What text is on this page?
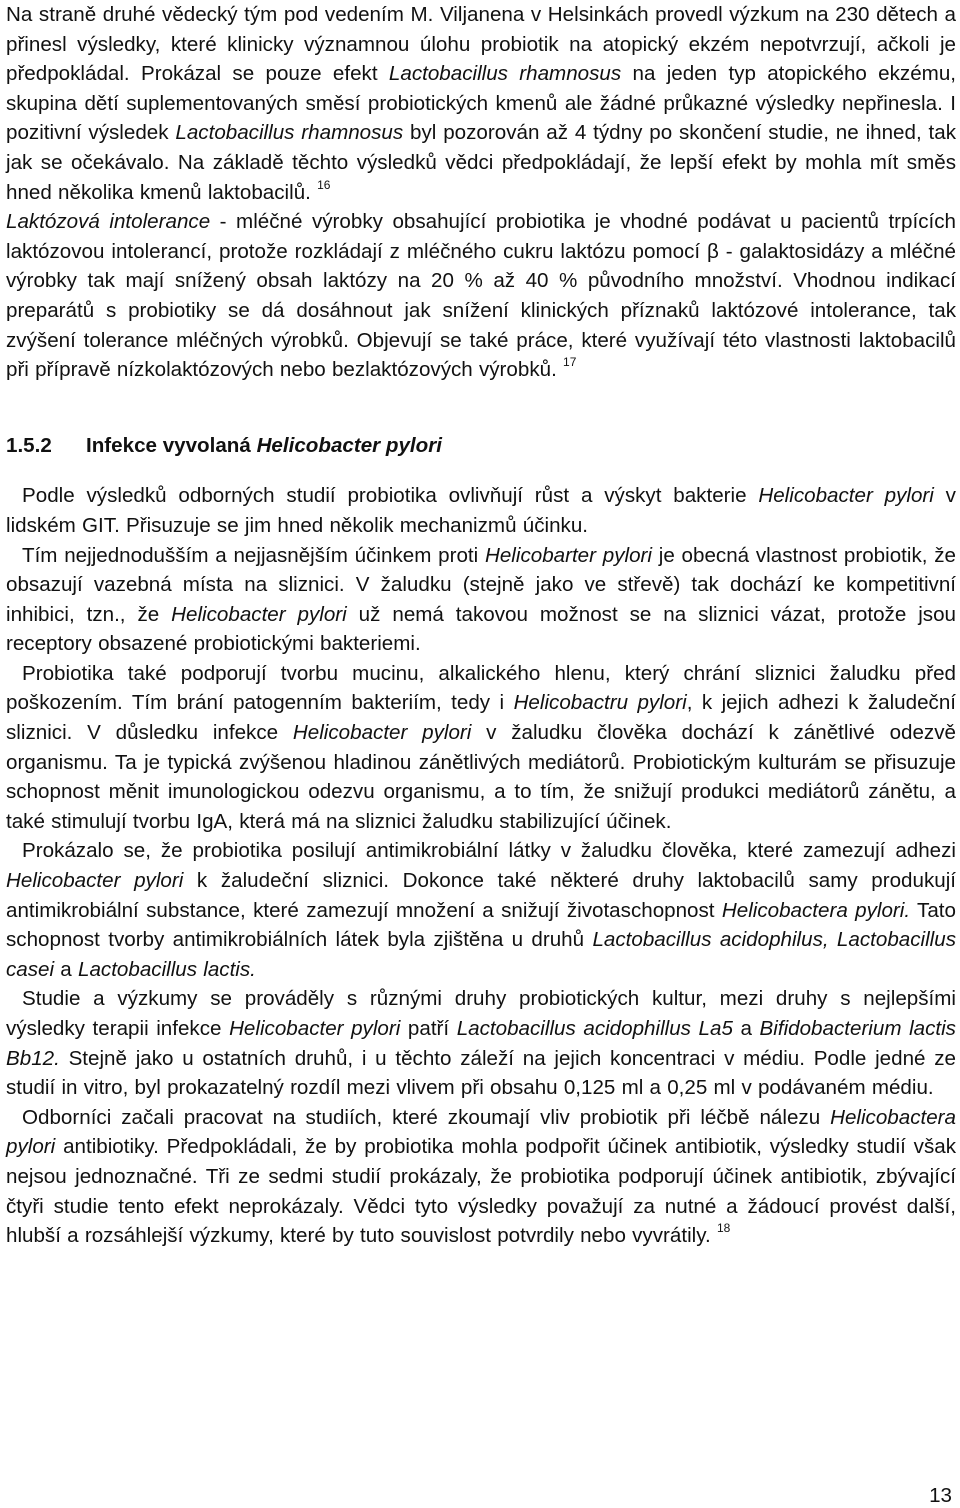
Na straně druhé vědecký tým pod vedením M. Viljanena v Helsinkách provedl výzkum na 230 dětech a přinesl výsledky, které klinicky významnou úlohu probiotik na atopický ekzém nepotvrzují, ačkoli je předpokládal. Prokázal se pouze efekt Lactobacillus rhamnosus na jeden typ atopického ekzému, skupina dětí suplementovaných směsí probiotických kmenů ale žádné průkazné výsledky nepřinesla. I pozitivní výsledek Lactobacillus rhamnosus byl pozorován až 4 týdny po skončení studie, ne ihned, tak jak se očekávalo. Na základě těchto výsledků vědci předpokládají, že lepší efekt by mohla mít směs hned několika kmenů laktobacilů. $^{16}$

Laktózová intolerance - mléčné výrobky obsahující probiotika je vhodné podávat u pacientů trpících laktózovou intolerancí, protože rozkládají z mléčného cukru laktózu pomocí β - galaktosidázy a mléčné výrobky tak mají snížený obsah laktózy na 20 % až 40 % původního množství. Vhodnou indikací preparátů s probiotiky se dá dosáhnout jak snížení klinických příznaků laktózové intolerance, tak zvýšení tolerance mléčných výrobků. Objevují se také práce, které využívají této vlastnosti laktobacilů při přípravě nízkolaktózových nebo bezlaktózových výrobků. $^{17}$

1.5.2	Infekce vyvolaná Helicobacter pylori

Podle výsledků odborných studií probiotika ovlivňují růst a výskyt bakterie Helicobacter pylori v lidském GIT. Přisuzuje se jim hned několik mechanizmů účinku.

Tím nejjednodušším a nejjasnějším účinkem proti Helicobarter pylori je obecná vlastnost probiotik, že obsazují vazebná místa na sliznici. V žaludku (stejně jako ve střevě) tak dochází ke kompetitivní inhibici, tzn., že Helicobacter pylori už nemá takovou možnost se na sliznici vázat, protože jsou receptory obsazené probiotickými bakteriemi.

Probiotika také podporují tvorbu mucinu, alkalického hlenu, který chrání sliznici žaludku před poškozením. Tím brání patogenním bakteriím, tedy i Helicobactru pylori, k jejich adhezi k žaludeční sliznici. V důsledku infekce Helicobacter pylori v žaludku člověka dochází k zánětlivé odezvě organismu. Ta je typická zvýšenou hladinou zánětlivých mediátorů. Probiotickým kulturám se přisuzuje schopnost měnit imunologickou odezvu organismu, a to tím, že snižují produkci mediátorů zánětu, a také stimulují tvorbu IgA, která má na sliznici žaludku stabilizující účinek.

Prokázalo se, že probiotika posilují antimikrobiální látky v žaludku člověka, které zamezují adhezi Helicobacter pylori k žaludeční sliznici. Dokonce také některé druhy laktobacilů samy produkují antimikrobiální substance, které zamezují množení a snižují životaschopnost Helicobactera pylori. Tato schopnost tvorby antimikrobiálních látek byla zjištěna u druhů Lactobacillus acidophilus, Lactobacillus casei a Lactobacillus lactis.

Studie a výzkumy se prováděly s různými druhy probiotických kultur, mezi druhy s nejlepšími výsledky terapii infekce Helicobacter pylori patří Lactobacillus acidophillus La5 a Bifidobacterium lactis Bb12. Stejně jako u ostatních druhů, i u těchto záleží na jejich koncentraci v médiu. Podle jedné ze studií in vitro, byl prokazatelný rozdíl mezi vlivem při obsahu 0,125 ml a 0,25 ml v podávaném médiu.

Odborníci začali pracovat na studiích, které zkoumají vliv probiotik při léčbě nálezu Helicobactera pylori antibiotiky. Předpokládali, že by probiotika mohla podpořit účinek antibiotik, výsledky studií však nejsou jednoznačné. Tři ze sedmi studií prokázaly, že probiotika podporují účinek antibiotik, zbývající čtyři studie tento efekt neprokázaly. Vědci tyto výsledky považují za nutné a žádoucí provést další, hlubší a rozsáhlejší výzkumy, které by tuto souvislost potvrdily nebo vyvrátily. $^{18}$

13
